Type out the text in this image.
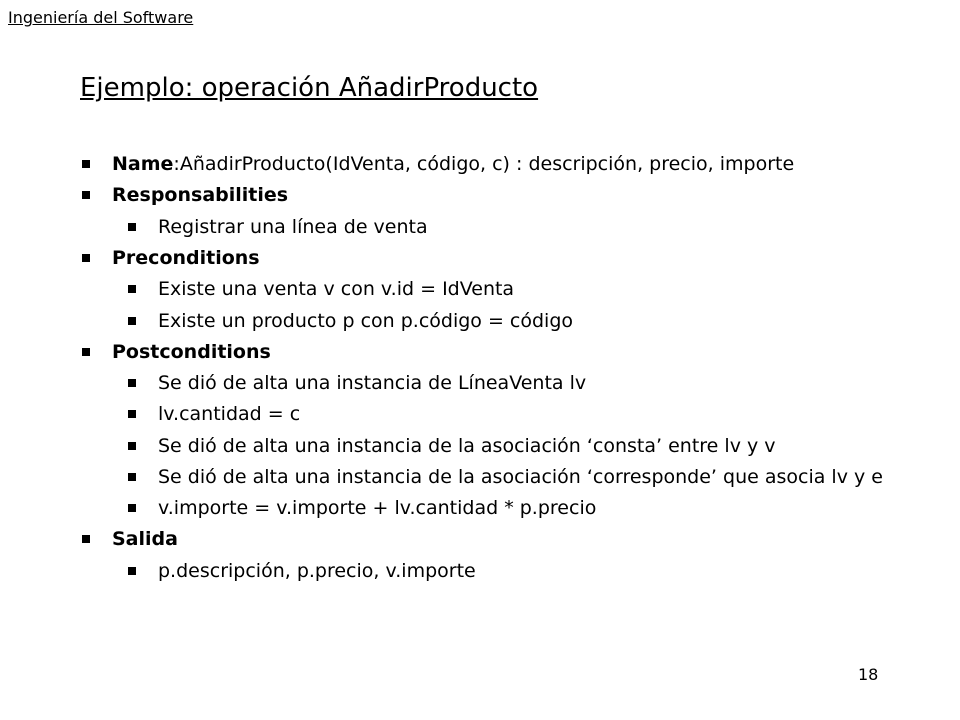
Ingeniería del Software
Ejemplo: operación AñadirProducto
Name :AñadirProducto(IdVenta, código, c) : descripción, precio, importe
Responsabilities
Registrar una línea de venta
Preconditions
Existe una venta v con v.id = IdVenta
Existe un producto p con p.código = código
Postconditions
Se dió de alta una instancia de LíneaVenta lv
lv.cantidad = c
Se dió de alta una instancia de la asociación ‘consta’ entre lv y v
Se dió de alta una instancia de la asociación ‘corresponde’ que asocia lv y e
v.importe = v.importe + lv.cantidad * p.precio
Salida
p.descripción, p.precio, v.importe
18
